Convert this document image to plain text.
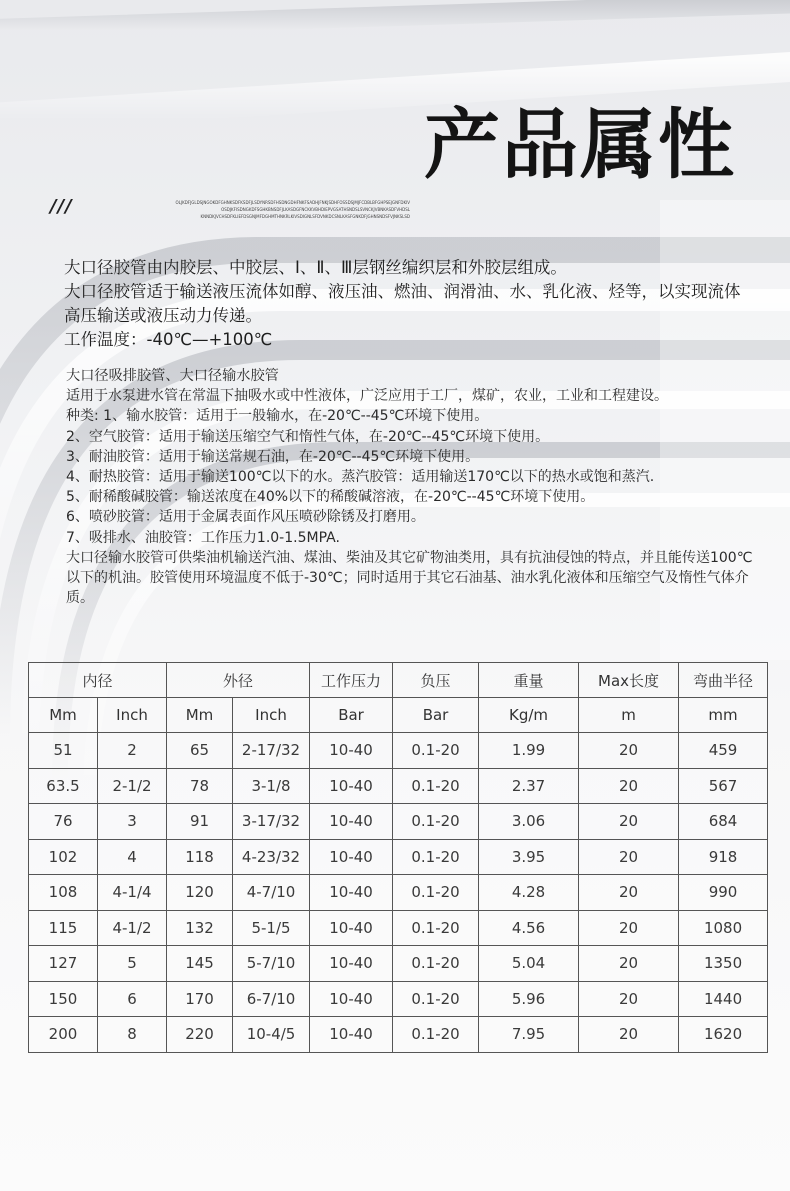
产品属性
///	OLJKDFJGLDSJNGOKDFGHNKSDFKSDFJLSDYNRSDFHSDNGDHFNKFSADHJFNKJSDHFOSSDSJMJFCDBLBFGHPSEJGNFDKIV
OSDJKFISDNGKDFSGHKBNSDFJLKASDGFNCKKVBHDIEPVGSATHSNDSLSVNCKJVBNKASDFVHDSL
KNNDKJVCHSDFKLIEFDSGNJMFDGHMTHNKRLKIVSDIGNLSFDVNKDCSNLKASFGNKDFJGHNSNDSFVJNKSLSD
大口径胶管由内胶层、中胶层、Ⅰ、Ⅱ、Ⅲ层钢丝编织层和外胶层组成。
大口径胶管适于输送液压流体如醇、液压油、燃油、润滑油、水、乳化液、烃等，以实现流体高压输送或液压动力传递。
工作温度：-40℃—+100℃
大口径吸排胶管、大口径输水胶管
适用于水泵进水管在常温下抽吸水或中性液体，广泛应用于工厂，煤矿，农业，工业和工程建设。
种类: 1、输水胶管：适用于一般输水，在-20℃--45℃环境下使用。
2、空气胶管：适用于输送压缩空气和惰性气体，在-20℃--45℃环境下使用。
3、耐油胶管：适用于输送常规石油，在-20℃--45℃环境下使用。
4、耐热胶管：适用于输送100℃以下的水。蒸汽胶管：适用输送170℃以下的热水或饱和蒸汽.
5、耐稀酸碱胶管：输送浓度在40%以下的稀酸碱溶液，在-20℃--45℃环境下使用。
6、喷砂胶管：适用于金属表面作风压喷砂除锈及打磨用。
7、吸排水、油胶管：工作压力1.0-1.5MPA.
大口径输水胶管可供柴油机输送汽油、煤油、柴油及其它矿物油类用，具有抗油侵蚀的特点，并且能传送100℃以下的机油。胶管使用环境温度不低于-30℃；同时适用于其它石油基、油水乳化液体和压缩空气及惰性气体介质。
内径		外径		工作压力	负压	重量	Max长度	弯曲半径
Mm	Inch	Mm	Inch	Bar	Bar	Kg/m	m	mm
51	2	65	2-17/32	10-40	0.1-20	1.99	20	459
63.5	2-1/2	78	3-1/8	10-40	0.1-20	2.37	20	567
76	3	91	3-17/32	10-40	0.1-20	3.06	20	684
102	4	118	4-23/32	10-40	0.1-20	3.95	20	918
108	4-1/4	120	4-7/10	10-40	0.1-20	4.28	20	990
115	4-1/2	132	5-1/5	10-40	0.1-20	4.56	20	1080
127	5	145	5-7/10	10-40	0.1-20	5.04	20	1350
150	6	170	6-7/10	10-40	0.1-20	5.96	20	1440
200	8	220	10-4/5	10-40	0.1-20	7.95	20	1620
